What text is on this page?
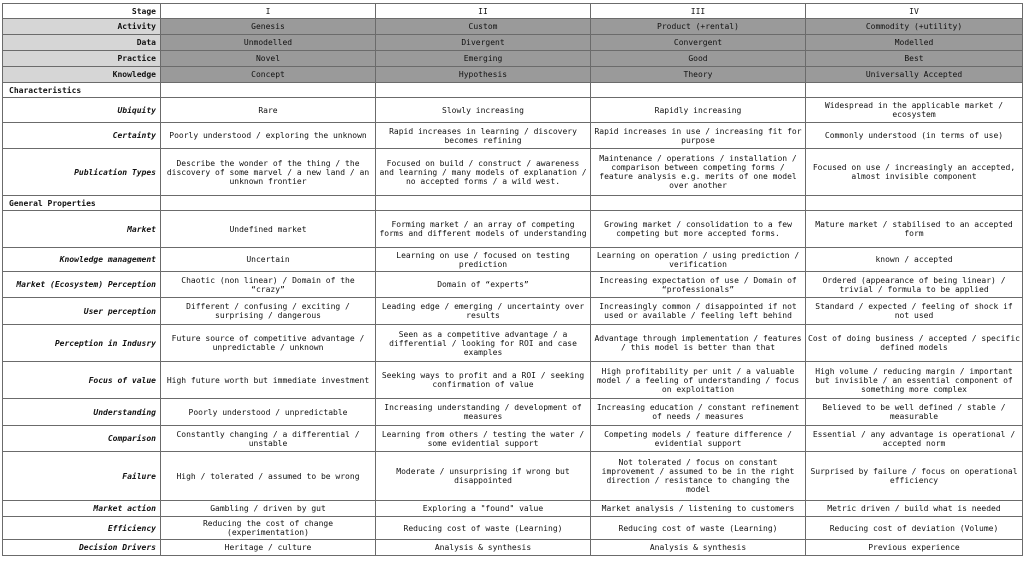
Stage	I	II	III	IV
Activity	Genesis	Custom	Product (+rental)	Commodity (+utility)
Data	Unmodelled	Divergent	Convergent	Modelled
Practice	Novel	Emerging	Good	Best
Knowledge	Concept	Hypothesis	Theory	Universally Accepted
Characteristics				
Ubiquity	Rare	Slowly increasing	Rapidly increasing	Widespread in the applicable market / ecosystem
Certainty	Poorly understood / exploring the unknown	Rapid increases in learning / discovery becomes refining	Rapid increases in use / increasing fit for purpose	Commonly understood (in terms of use)
Publication Types	Describe the wonder of the thing / the discovery of some marvel / a new land / an unknown frontier	Focused on build / construct / awareness and learning / many models of explanation / no accepted forms / a wild west.	Maintenance / operations / installation / comparison between competing forms / feature analysis e.g. merits of one model over another	Focused on use / increasingly an accepted, almost invisible component
General Properties				
Market	Undefined market	Forming market / an array of competing forms and different models of understanding	Growing market / consolidation to a few competing but more accepted forms.	Mature market / stabilised to an accepted form
Knowledge management	Uncertain	Learning on use / focused on testing prediction	Learning on operation / using prediction / verification	known / accepted
Market (Ecosystem) Perception	Chaotic (non linear) / Domain of the “crazy”	Domain of “experts”	Increasing expectation of use / Domain of “professionals”	Ordered (appearance of being linear) / trivial / formula to be applied
User perception	Different / confusing / exciting / surprising / dangerous	Leading edge / emerging / uncertainty over results	Increasingly common / disappointed if not used or available / feeling left behind	Standard / expected / feeling of shock if not used
Perception in Indusry	Future source of competitive advantage / unpredictable / unknown	Seen as a competitive advantage / a differential / looking for ROI and case examples	Advantage through implementation / features / this model is better than that	Cost of doing business / accepted / specific defined models
Focus of value	High future worth but immediate investment	Seeking ways to profit and a ROI / seeking confirmation of value	High profitability per unit / a valuable model / a feeling of understanding / focus on exploitation	High volume / reducing margin / important but invisible / an essential component of something more complex
Understanding	Poorly understood / unpredictable	Increasing understanding / development of measures	Increasing education / constant refinement of needs / measures	Believed to be well defined / stable / measurable
Comparison	Constantly changing / a differential / unstable	Learning from others / testing the water / some evidential support	Competing models / feature difference / evidential support	Essential / any advantage is operational / accepted norm
Failure	High / tolerated / assumed to be wrong	Moderate / unsurprising if wrong but disappointed	Not tolerated / focus on constant improvement / assumed to be in the right direction / resistance to changing the model	Surprised by failure / focus on operational efficiency
Market action	Gambling / driven by gut	Exploring a "found" value	Market analysis / listening to customers	Metric driven / build what is needed
Efficiency	Reducing the cost of change (experimentation)	Reducing cost of waste (Learning)	Reducing cost of waste (Learning)	Reducing cost of deviation (Volume)
Decision Drivers	Heritage / culture	Analysis & synthesis	Analysis & synthesis	Previous experience
